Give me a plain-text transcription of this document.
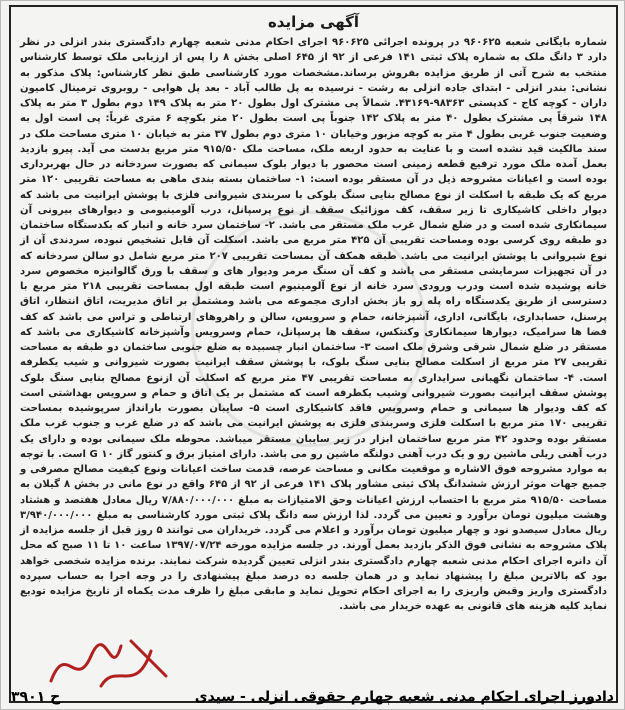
آگهی مزایده
شماره بایگانی شعبه ۹۶۰۶۲۵ در پرونده اجرائی ۹۶۰۶۲۵ اجرای احکام مدنی شعبه چهارم دادگستری بندر انزلی در نظر دارد ۳ دانگ ملک به شماره پلاک ثبتی ۱۴۱ فرعی از ۹۲ از ۶۴۵ اصلی بخش ۸ را پس از ارزیابی ملک توسط کارشناس منتخب به شرح آتی از طریق مزایده بفروش برساند.مشخصات مورد کارشناسی طبق نظر کارشناس: پلاک مذکور به نشانی: بندر انزلی - ابتدای جاده انزلی به رشت - نرسیده به پل طالب آباد - بعد پل هوایی - روبروی ترمینال کامیون داران - کوچه کاج - کدپستی ۹۸۳۶۳-۴۳۱۶۹. شمالاً پی مشترک اول بطول ۲۰ متر به پلاک ۱۴۹ دوم بطول ۳ متر به پلاک ۱۴۸ شرقاً پی مشترک بطول ۴۰ متر به پلاک ۱۴۲ جنوباً پی است بطول ۲۰ متر بکوچه ۶ متری غرباً: پی است اول به وضعیت جنوب غربی بطول ۴ متر به کوچه مزبور وخیابان ۱۰ متری دوم بطول ۳۷ متر به خیابان ۱۰ متری مساحت ملک در سند مالکیت قید نشده است و با عنایت به حدود اربعه ملک، مساحت ملک ۹۱۵/۵۰ متر مربع بدست می آید. پیرو بازدید بعمل آمده ملک مورد ترفیع قطعه زمینی است محصور با دیوار بلوک سیمانی که بصورت سردخانه در حال بهربرداری بوده است و اعیانات مشروحه ذیل در آن مستقر بوده است: ۱- ساختمان بسته بندی ماهی به مساحت تقریبی ۱۲۰ متر مربع که یک طبقه با اسکلت از نوع مصالح بنایی سنگ بلوکی با سربندی شیروانی فلزی با پوشش ایرانیت می باشد که دیوار داخلی کاشیکاری تا زیر سقف، کف موزائیک سقف از نوع پرسپانل، درب آلومینیومی و دیوارهای بیرونی آن سیمانکاری شده است و در ضلع شمال غرب ملک مستقر می باشد. ۲- ساختمان سرد خانه و انبار که بکدستگاه ساختمان دو طبقه روی کرسی بوده ومساحت تقریبی آن ۴۲۵ متر مربع می باشد. اسکلت آن قابل تشخیص نبوده، سردندی آن از نوع شیروانی با پوشش ایرانیت می باشد. طبقه همکف آن بمساحت تقریبی ۲۰۷ متر مربع شامل دو سالن سردخانه که در آن تجهیزات سرمایشی مستقر می باشد و کف آن سنگ مرمر ودیوار های و سقف با ورق گالوانیزه مخصوص سرد خانه پوشیده شده است ودرب ورودی سرد خانه از نوع آلومینیوم است طبقه اول بمساحت تقریبی ۲۱۸ متر مربع با دسترسی از طریق یکدستگاه راه پله رو باز بخش اداری مجموعه می باشد ومشتمل بر اتاق مدیریت، اتاق انتظار، اتاق پرسنل، حسابداری، بایگانی، اداری، آشپزخانه، حمام و سرویس، سالن و راهروهای ارتباطی و تراس می باشد که کف فضا ها سرامیک، دیوارها سیمانکاری وکنتکس، سقف ها پرسپانل، حمام وسرویس وآشپزخانه کاشیکاری می باشد که مستقر در ضلع شمال شرقی وشرق ملک است ۳- ساختمان انبار چسبیده به ضلع جنوبی ساختمان دو طبقه به مساحت تقریبی ۲۷ متر مربع از اسکلت مصالح بنایی سنگ بلوک، با پوشش سقف ایرانیت بصورت شیروانی و شیب یکطرفه است. ۴- ساختمان نگهبانی سرایداری به مساحت تقریبی ۴۷ متر مربع که اسکلت آن ازنوع مصالح بنایی سنگ بلوک پوشش سقف ایرانیت بصورت شیروانی وشیب یکطرفه است که مشتمل بر یک اتاق و حمام و سرویس بهداشتی است که کف ودیوار ها سیمانی و حمام وسرویس فاقد کاشیکاری است ۵- سایبان بصورت بارانداز سرپوشیده بمساحت تقریبی ۱۷۰ متر مربع با اسکلت فلزی وسربندی فلزی به پوشش ایرانیت می باشد که در ضلع غرب و جنوب غرب ملک مستقر بوده وحدود ۴۲ متر مربع ساختمان ابزار در زیر سایبان مستقر میباشد. محوطه ملک سیمانی بوده و دارای یک درب آهنی ریلی ماشین رو و یک درب آهنی دولنگه ماشین رو می باشد. دارای امتیاز برق و کنتور گاز ۱۰ G است. با توجه به موارد مشروحه فوق الاشاره و موقعیت مکانی و مساحت عرصه، قدمت ساخت اعیانات ونوع کیفیت مصالح مصرفی و جمیع جهات موثر ارزش ششدانگ پلاک ثبتی مشاور پلاک ۱۴۱ فرعی از ۹۲ از ۶۴۵ واقع در نوع مانی در بخش ۸ گیلان به مساحت ۹۱۵/۵۰ متر مربع با احتساب ارزش اعیانات وحق الامتیازات به مبلغ ۷/۸۸۰/۰۰۰/۰۰۰ ریال معادل هفتصد و هشتاد وهشت میلیون تومان برآورد و تعیین می گردد. لذا ارزش سه دانگ پلاک ثبتی مورد کارشناسی به مبلغ ۳/۹۴۰/۰۰۰/۰۰۰ ریال معادل سیصدو نود و چهار میلیون تومان برآورد و اعلام می گردد. خریداران می توانند ۵ روز قبل از جلسه مزایده از پلاک مشروحه به نشانی فوق الذکر بازدید بعمل آورند. در جلسه مزایده مورخه ۱۳۹۷/۰۷/۲۴ ساعت ۱۰ تا ۱۱ صبح که محل آن دانره اجرای احکام مدنی شعبه چهارم دادگستری بندر انزلی تعیین گردیده شرکت نمایند. برنده مزایده شخصی خواهد بود که بالاترین مبلغ را پیشنهاد نماید و در همان جلسه ده درصد مبلغ پیشنهادی را در وجه اجرا به حساب سپرده دادگستری واریز وقبض واریزی را به اجرای احکام تحویل نماید و مابقی مبلغ را ظرف مدت یکماه از تاریخ مزایده تودیع نماید کلیه هزینه های قانونی به عهده خریدار می باشد.
دادورز اجرای احکام مدنی شعبه چهارم حقوقی انزلی - سیدی
ح ۳۹۰۱
